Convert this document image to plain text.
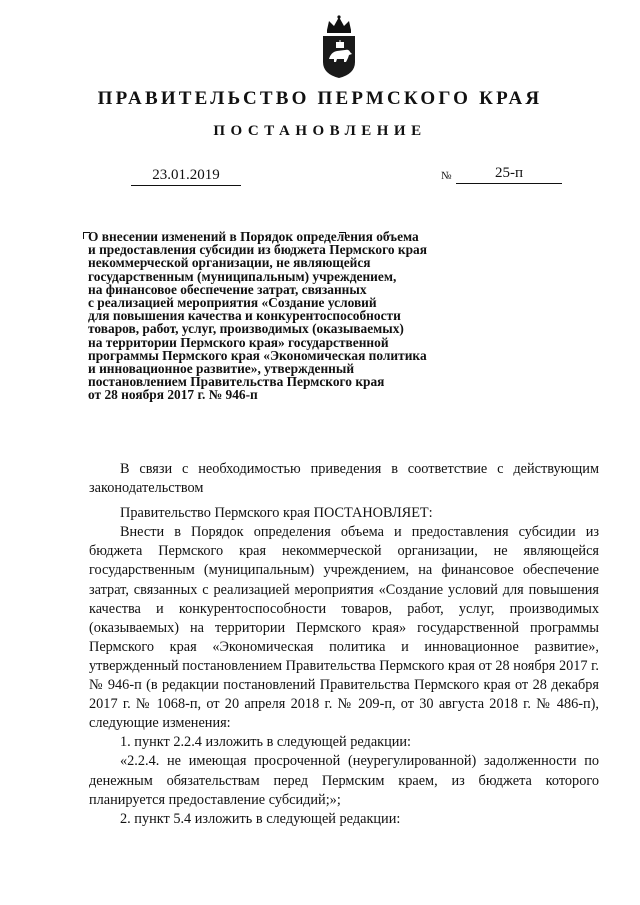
ПРАВИТЕЛЬСТВО ПЕРМСКОГО КРАЯ
ПОСТАНОВЛЕНИЕ
23.01.2019	№	25-п
О внесении изменений в Порядок определения объема
и предоставления субсидии из бюджета Пермского края
некоммерческой организации, не являющейся
государственным (муниципальным) учреждением,
на финансовое обеспечение затрат, связанных
с реализацией мероприятия «Создание условий
для повышения качества и конкурентоспособности
товаров, работ, услуг, производимых (оказываемых)
на территории Пермского края» государственной
программы Пермского края «Экономическая политика
и инновационное развитие», утвержденный
постановлением Правительства Пермского края
от 28 ноября 2017 г. № 946-п

В связи с необходимостью приведения в соответствие с действующим законодательством

Правительство Пермского края ПОСТАНОВЛЯЕТ:

Внести в Порядок определения объема и предоставления субсидии из бюджета Пермского края некоммерческой организации, не являющейся государственным (муниципальным) учреждением, на финансовое обеспечение затрат, связанных с реализацией мероприятия «Создание условий для повышения качества и конкурентоспособности товаров, работ, услуг, производимых (оказываемых) на территории Пермского края» государственной программы Пермского края «Экономическая политика и инновационное развитие», утвержденный постановлением Правительства Пермского края от 28 ноября 2017 г. № 946-п (в редакции постановлений Правительства Пермского края от 28 декабря 2017 г. № 1068-п, от 20 апреля 2018 г. № 209-п, от 30 августа 2018 г. № 486-п), следующие изменения:

1. пункт 2.2.4 изложить в следующей редакции:

«2.2.4. не имеющая просроченной (неурегулированной) задолженности по денежным обязательствам перед Пермским краем, из бюджета которого планируется предоставление субсидий;»;

2. пункт 5.4 изложить в следующей редакции:
